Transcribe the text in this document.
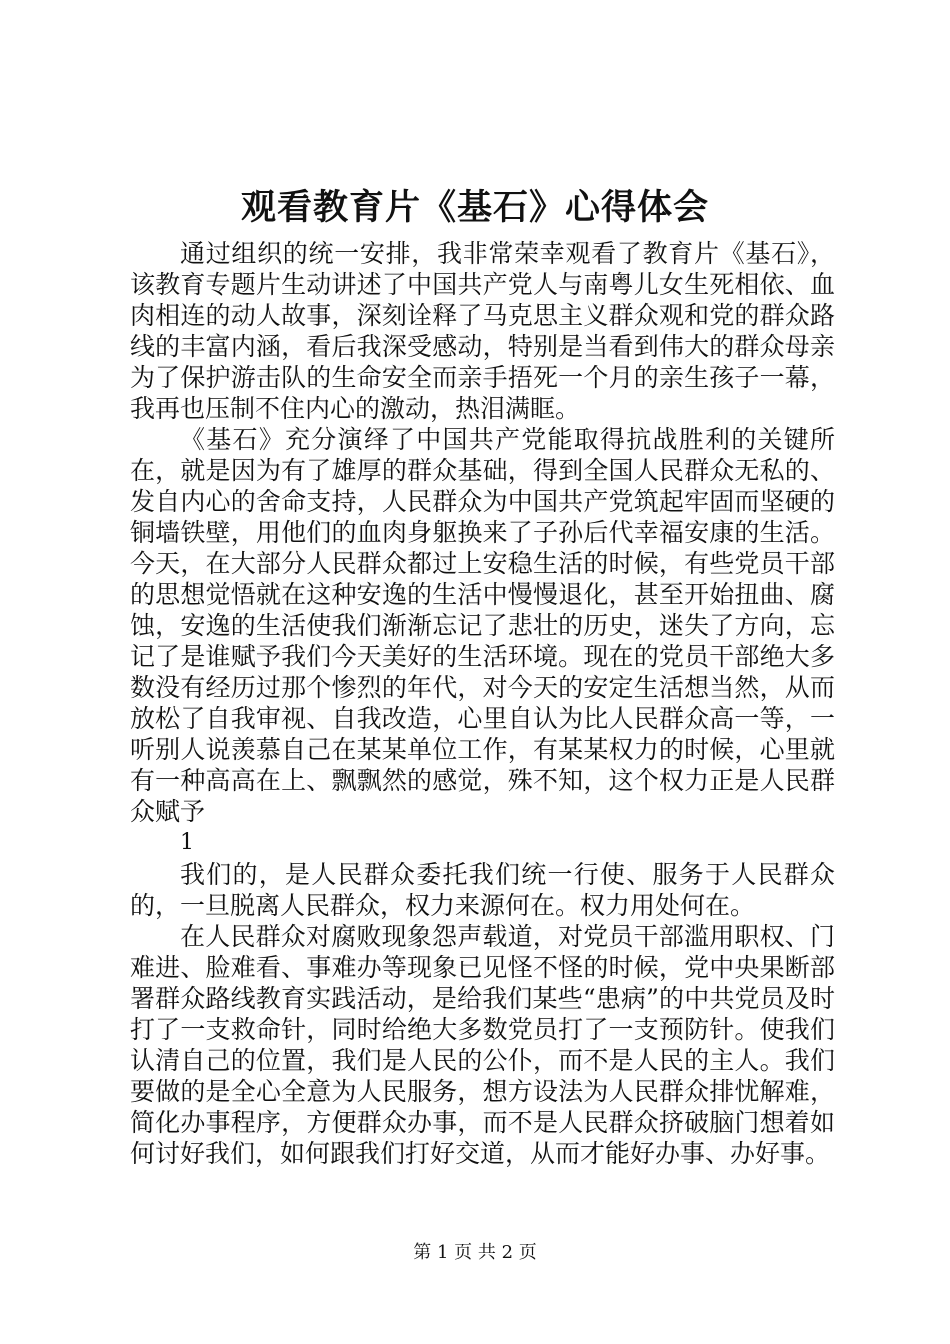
观看教育片《基石》心得体会

通过组织的统一安排，我非常荣幸观看了教育片《基石》，该教育专题片生动讲述了中国共产党人与南粤儿女生死相依、血肉相连的动人故事，深刻诠释了马克思主义群众观和党的群众路线的丰富内涵，看后我深受感动，特别是当看到伟大的群众母亲为了保护游击队的生命安全而亲手捂死一个月的亲生孩子一幕，我再也压制不住内心的激动，热泪满眶。

《基石》充分演绎了中国共产党能取得抗战胜利的关键所在，就是因为有了雄厚的群众基础，得到全国人民群众无私的、发自内心的舍命支持，人民群众为中国共产党筑起牢固而坚硬的铜墙铁壁，用他们的血肉身躯换来了子孙后代幸福安康的生活。今天，在大部分人民群众都过上安稳生活的时候，有些党员干部的思想觉悟就在这种安逸的生活中慢慢退化，甚至开始扭曲、腐蚀，安逸的生活使我们渐渐忘记了悲壮的历史，迷失了方向，忘记了是谁赋予我们今天美好的生活环境。现在的党员干部绝大多数没有经历过那个惨烈的年代，对今天的安定生活想当然，从而放松了自我审视、自我改造，心里自认为比人民群众高一等，一听别人说羡慕自己在某某单位工作，有某某权力的时候，心里就有一种高高在上、飘飘然的感觉，殊不知，这个权力正是人民群众赋予

1

我们的，是人民群众委托我们统一行使、服务于人民群众的，一旦脱离人民群众，权力来源何在。权力用处何在。

在人民群众对腐败现象怨声载道，对党员干部滥用职权、门难进、脸难看、事难办等现象已见怪不怪的时候，党中央果断部署群众路线教育实践活动，是给我们某些“患病”的中共党员及时打了一支救命针，同时给绝大多数党员打了一支预防针。使我们认清自己的位置，我们是人民的公仆，而不是人民的主人。我们要做的是全心全意为人民服务，想方设法为人民群众排忧解难，简化办事程序，方便群众办事，而不是人民群众挤破脑门想着如何讨好我们，如何跟我们打好交道，从而才能好办事、办好事。

第 1 页 共 2 页
